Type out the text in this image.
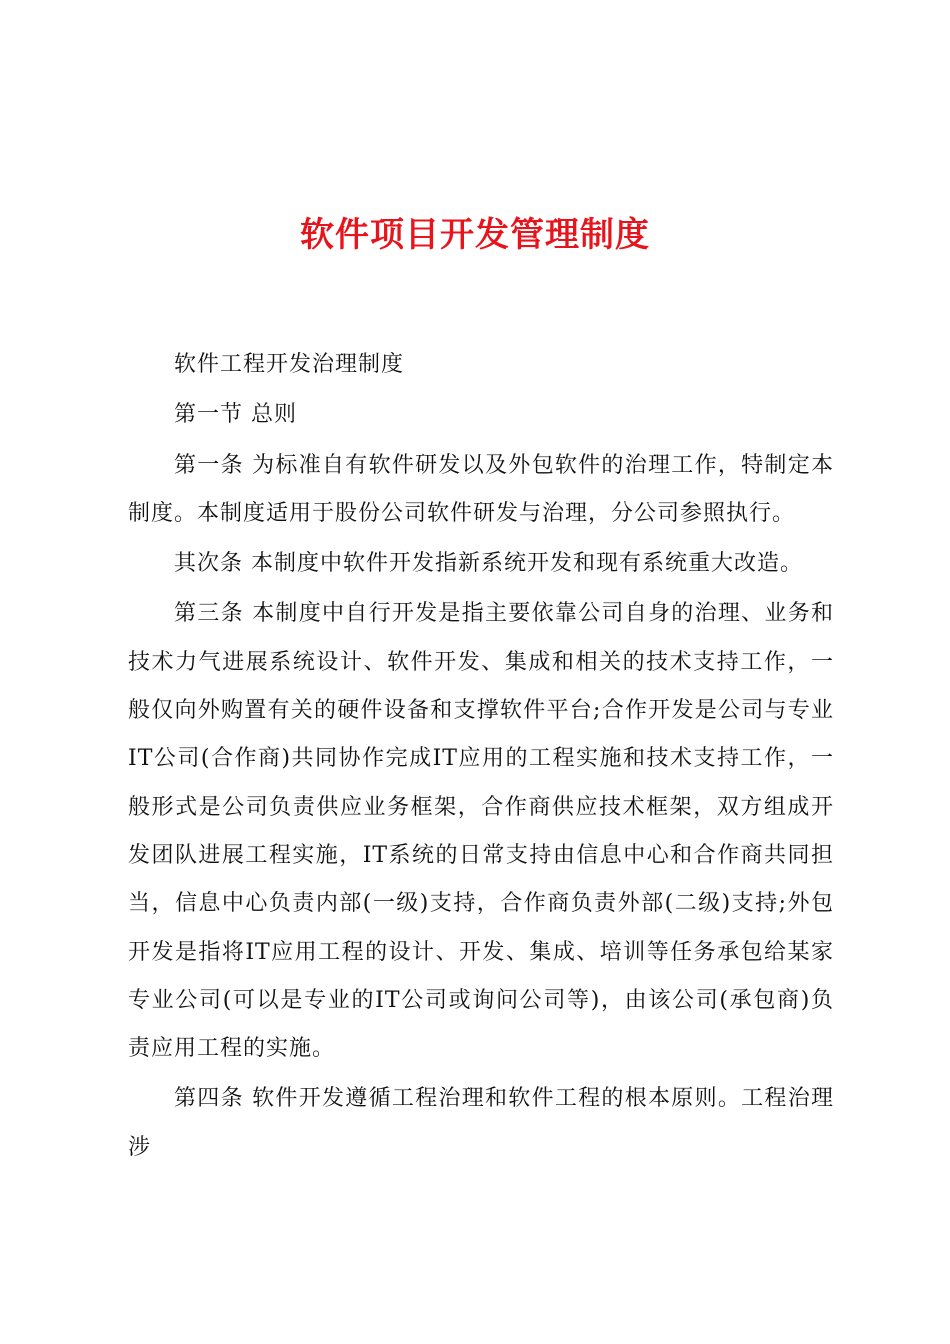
软件项目开发管理制度

软件工程开发治理制度

第一节 总则

第一条 为标准自有软件研发以及外包软件的治理工作，特制定本制度。本制度适用于股份公司软件研发与治理，分公司参照执行。

其次条 本制度中软件开发指新系统开发和现有系统重大改造。

第三条 本制度中自行开发是指主要依靠公司自身的治理、业务和技术力气进展系统设计、软件开发、集成和相关的技术支持工作，一般仅向外购置有关的硬件设备和支撑软件平台;合作开发是公司与专业IT公司(合作商)共同协作完成IT应用的工程实施和技术支持工作，一般形式是公司负责供应业务框架，合作商供应技术框架，双方组成开发团队进展工程实施，IT系统的日常支持由信息中心和合作商共同担当，信息中心负责内部(一级)支持，合作商负责外部(二级)支持;外包开发是指将IT应用工程的设计、开发、集成、培训等任务承包给某家专业公司(可以是专业的IT公司或询问公司等)，由该公司(承包商)负责应用工程的实施。

第四条 软件开发遵循工程治理和软件工程的根本原则。工程治理涉
